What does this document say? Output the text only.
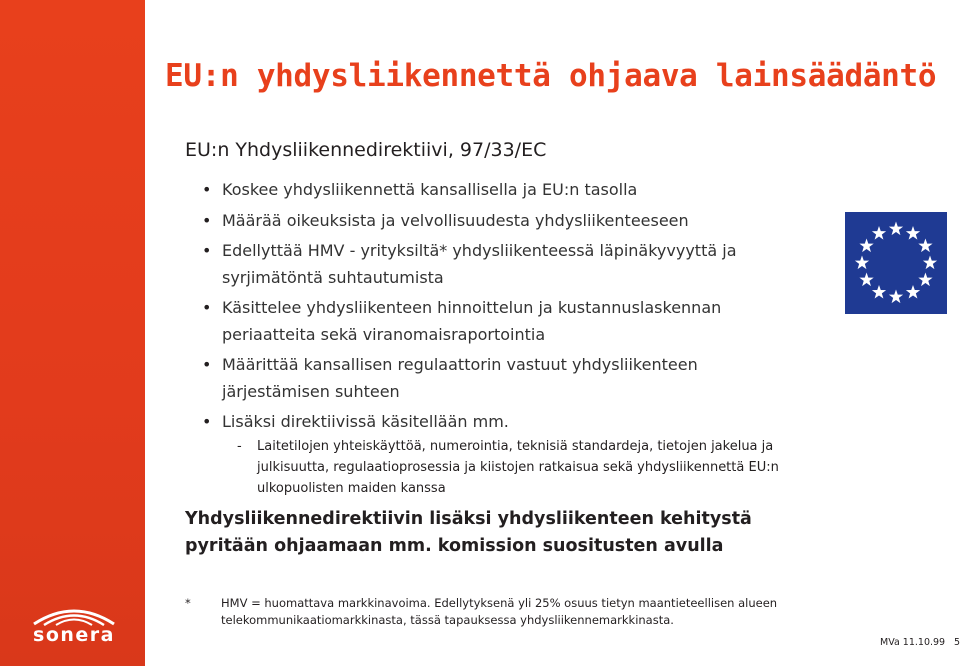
sonera
EU:n yhdysliikennettä ohjaava lainsäädäntö
EU:n Yhdysliikennedirektiivi, 97/33/EC
• Koskee yhdysliikennettä kansallisella ja EU:n tasolla
• Määrää oikeuksista ja velvollisuudesta yhdysliikenteeseen
• Edellyttää HMV - yrityksiltä* yhdysliikenteessä läpinäkyvyyttä ja syrjimätöntä suhtautumista
• Käsittelee yhdysliikenteen hinnoittelun ja kustannuslaskennan periaatteita sekä viranomaisraportointia
• Määrittää kansallisen regulaattorin vastuut yhdysliikenteen järjestämisen suhteen
• Lisäksi direktiivissä käsitellään mm.
-	Laitetilojen yhteiskäyttöä, numerointia, teknisiä standardeja, tietojen jakelua ja julkisuutta, regulaatioprosessia ja kiistojen ratkaisua sekä yhdysliikennettä EU:n ulkopuolisten maiden kanssa

Yhdysliikennedirektiivin lisäksi yhdysliikenteen kehitystä pyritään ohjaamaan mm. komission suositusten avulla

*	HMV = huomattava markkinavoima. Edellytyksenä yli 25% osuus tietyn maantieteellisen alueen telekommunikaatiomarkkinasta, tässä tapauksessa yhdysliikennemarkkinasta.
MVa 11.10.99 5
